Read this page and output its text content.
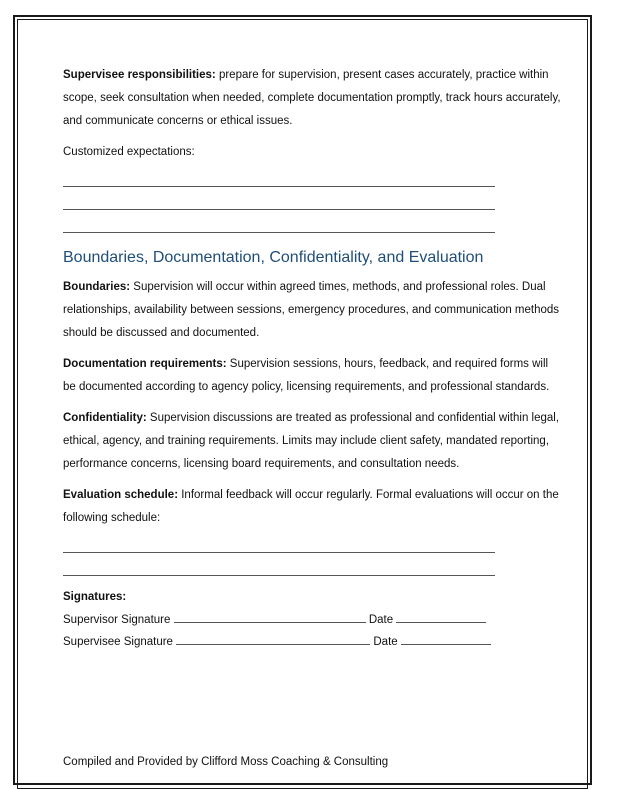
Supervisee responsibilities: prepare for supervision, present cases accurately, practice within scope, seek consultation when needed, complete documentation promptly, track hours accurately, and communicate concerns or ethical issues.

Customized expectations:

Boundaries, Documentation, Confidentiality, and Evaluation

Boundaries: Supervision will occur within agreed times, methods, and professional roles. Dual relationships, availability between sessions, emergency procedures, and communication methods should be discussed and documented.

Documentation requirements: Supervision sessions, hours, feedback, and required forms will be documented according to agency policy, licensing requirements, and professional standards.

Confidentiality: Supervision discussions are treated as professional and confidential within legal, ethical, agency, and training requirements. Limits may include client safety, mandated reporting, performance concerns, licensing board requirements, and consultation needs.

Evaluation schedule: Informal feedback will occur regularly. Formal evaluations will occur on the following schedule:

Signatures:

Supervisor Signature	Date

Supervisee Signature	Date

Compiled and Provided by Clifford Moss Coaching & Consulting
